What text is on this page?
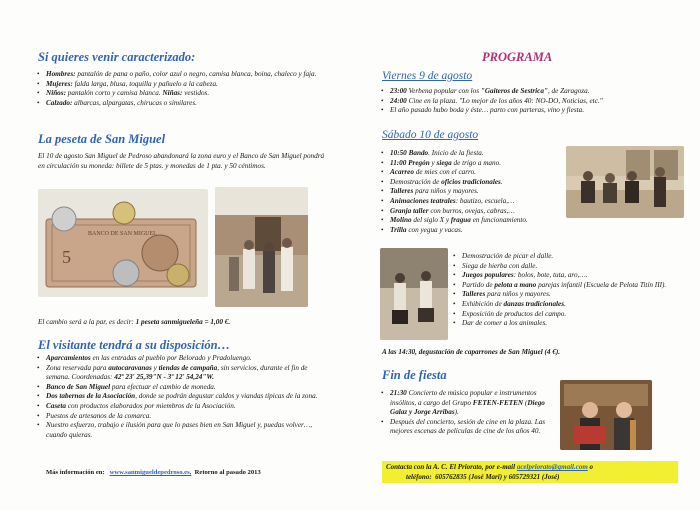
Si quieres venir caracterizado:
• Hombres: pantalón de pana o paño, color azul o negro, camisa blanca, boina, chaleco y faja.
• Mujeres: falda larga, blusa, toquilla y pañuelo a la cabeza.
• Niños: pantalón corto y camisa blanca. Niñas: vestidos.
• Calzado: albarcas, alpargatas, chirucas o similares.
La peseta de San Miguel
El 10 de agosto San Miguel de Pedroso abandonará la zona euro y el Banco de San Miguel pondrá en circulación su moneda: billete de 5 ptas. y monedas de 1 pta. y 50 céntimos.
5
BANCO DE SAN MIGUEL
El cambio será a la par, es decir: 1 peseta sanmigueleña = 1,00 €.
El visitante tendrá a su disposición…
• Aparcamientos en las entradas al pueblo por Belorado y Pradoluengo.
• Zona reservada para autocaravanas y tiendas de campaña, sin servicios, durante el fin de semana. Coordenadas: 42º 23' 25,39"N - 3º 12' 54,24"W.
• Banco de San Miguel para efectuar el cambio de moneda.
• Dos tabernas de la Asociación, donde se podrán degustar caldos y viandas típicas de la zona.
• Caseta con productos elaborados por miembros de la Asociación.
• Puestos de artesanos de la comarca.
• Nuestro esfuerzo, trabajo e ilusión para que lo pases bien en San Miguel y, puedas volver…, cuando quieras.
Más información en: www.sanmigueldepedroso.es, Retorno al pasado 2013
PROGRAMA
Viernes 9 de agosto
• 23:00 Verbena popular con los "Gaiteros de Sestrica", de Zaragoza.
• 24:00 Cine en la plaza. "Lo mejor de los años 40: NO-DO, Noticias, etc."
• El año pasado hubo boda y éste… parto con parteras, vino y fiesta.
Sábado 10 de agosto
• 10:50 Bando. Inicio de la fiesta.
• 11:00 Pregón y siega de trigo a mano.
• Acarreo de mies con el carro.
• Demostración de oficios tradicionales.
• Talleres para niños y mayores.
• Animaciones teatrales: bautizo, escuela,…
• Granja taller con burros, ovejas, cabras,…
• Molino del siglo X y fragua en funcionamiento.
• Trilla con yegua y vacas.
• Demostración de picar el dalle.
• Siega de hierba con dalle.
• Juegos populares: bolos, bote, tuta, aro,….
• Partido de pelota a mano parejas infantil (Escuela de Pelota Titín III).
• Talleres para niños y mayores.
• Exhibición de danzas tradicionales.
• Exposición de productos del campo.
• Dar de comer a los animales.
A las 14:30, degustación de caparrones de San Miguel (4 €).
Fin de fiesta
• 21:30 Concierto de música popular e instrumentos insólitos, a cargo del Grupo FETEN-FETEN (Diego Galaz y Jorge Arribas).
• Después del concierto, sesión de cine en la plaza. Las mejores escenas de películas de cine de los años 40.
Contacta con la A. C. El Priorato, por e-mail acelpriorato@gmail.com o
teléfono: 605762835 (José Mari) y 605729321 (José)
